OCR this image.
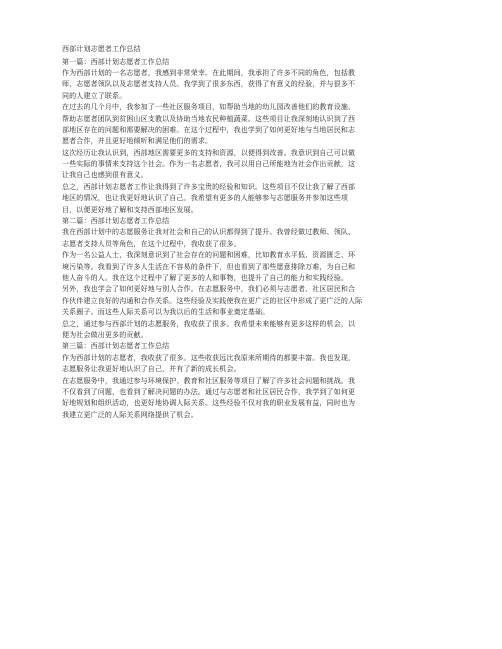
西部计划志愿者工作总结
第一篇：西部计划志愿者工作总结
作为西部计划的一名志愿者，我感到非常荣幸。在此期间，我承担了许多不同的角色，包括教
师、志愿者领队以及志愿者支持人员。我学到了很多东西，获得了有意义的经验，并与很多不
同的人建立了联系。
在过去的几个月中，我参加了一些社区服务项目，如帮助当地的幼儿园改善他们的教育设施、
帮助志愿者团队到贫困山区支教以及协助当地农民种植蔬菜。这些项目让我深刻地认识到了西
部地区存在的问题和需要解决的困难。在这个过程中，我也学到了如何更好地与当地居民和志
愿者合作，并且更好地倾听和满足他们的需求。
这次经历让我认识到，西部地区需要更多的支持和资源，以便得到改善。我意识到自己可以做
一些实际的事情来支持这个社会。作为一名志愿者，我可以用自己所能地为社会作出贡献，这
让我自己也感到很有意义。
总之，西部计划志愿者工作让我得到了许多宝贵的经验和知识。这些项目不仅让我了解了西部
地区的情况，也让我更好地认识了自己。我希望有更多的人能够参与志愿服务并参加这些项
目，以便更好地了解和支持西部地区发展。
第二篇：西部计划志愿者工作总结
我在西部计划中的志愿服务让我对社会和自己的认识都得到了提升。我曾经做过教师、领队、
志愿者支持人员等角色，在这个过程中，我收获了很多。
作为一名公益人士，我深刻意识到了社会存在的问题和困难，比如教育水平低、资源匮乏、环
境污染等。我看到了许多人生活在不容易的条件下，但也看到了那些愿意排除万难，为自己和
他人奋斗的人。我在这个过程中了解了更多的人和事物，也提升了自己的能力和实践经验。
另外，我也学会了如何更好地与别人合作。在志愿服务中，我们必须与志愿者、社区居民和合
作伙伴建立良好的沟通和合作关系。这些经验及实践使我在更广泛的社区中形成了更广泛的人际
关系圈子。而这些人际关系可以为我以后的生活和事业奠定基础。
总之，通过参与西部计划的志愿服务，我收获了很多。我希望未来能够有更多这样的机会，以
便为社会做出更多的贡献。
第三篇：西部计划志愿者工作总结
作为西部计划的志愿者，我收获了很多。这些收获远比我原来所期待的都要丰富。我也发现，
志愿服务让我更好地认识了自己，并有了新的成长机会。
在志愿服务中，我通过参与环境保护、教育和社区服务等项目了解了许多社会问题和挑战。我
不仅看到了问题，也看到了解决问题的办法。通过与志愿者和社区居民合作，我学到了如何更
好地规划和组织活动，也更好地协调人际关系。这些经验不仅对我的职业发展有益，同时也为
我建立更广泛的人际关系网络提供了机会。
